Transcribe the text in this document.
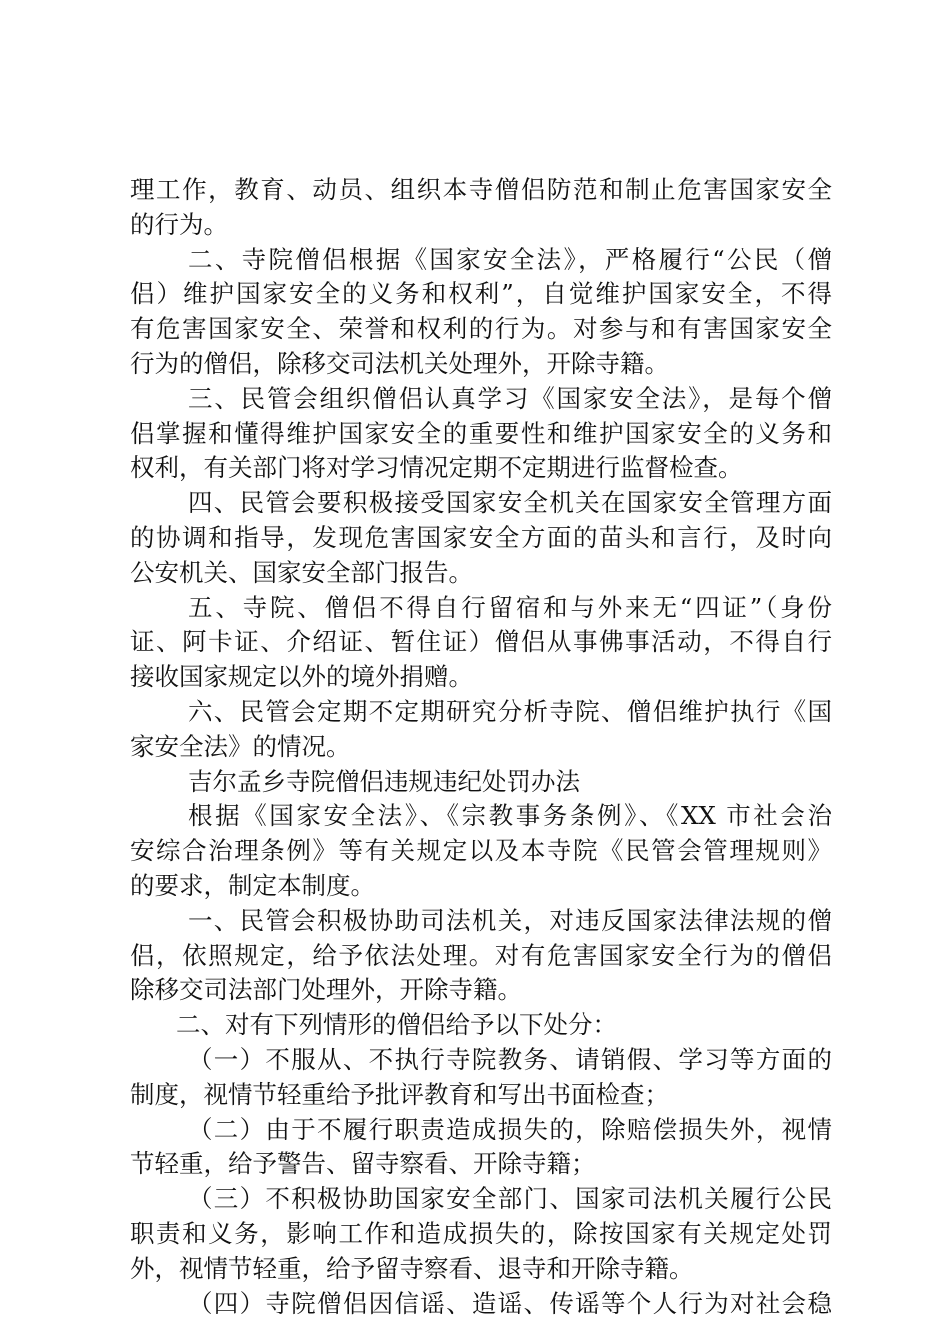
理工作，教育、动员、组织本寺僧侣防范和制止危害国家安全
的行为。
二、寺院僧侣根据《国家安全法》，严格履行“公民（僧
侣）维护国家安全的义务和权利”，自觉维护国家安全，不得
有危害国家安全、荣誉和权利的行为。对参与和有害国家安全
行为的僧侣，除移交司法机关处理外，开除寺籍。
三、民管会组织僧侣认真学习《国家安全法》，是每个僧
侣掌握和懂得维护国家安全的重要性和维护国家安全的义务和
权利，有关部门将对学习情况定期不定期进行监督检查。
四、民管会要积极接受国家安全机关在国家安全管理方面
的协调和指导，发现危害国家安全方面的苗头和言行，及时向
公安机关、国家安全部门报告。
五、寺院、僧侣不得自行留宿和与外来无“四证”（身份
证、阿卡证、介绍证、暂住证）僧侣从事佛事活动，不得自行
接收国家规定以外的境外捐赠。
六、民管会定期不定期研究分析寺院、僧侣维护执行《国
家安全法》的情况。
吉尔孟乡寺院僧侣违规违纪处罚办法
根据《国家安全法》、《宗教事务条例》、《XX 市社会治
安综合治理条例》等有关规定以及本寺院《民管会管理规则》
的要求，制定本制度。
一、民管会积极协助司法机关，对违反国家法律法规的僧
侣，依照规定，给予依法处理。对有危害国家安全行为的僧侣
除移交司法部门处理外，开除寺籍。
二、对有下列情形的僧侣给予以下处分：
（一）不服从、不执行寺院教务、请销假、学习等方面的
制度，视情节轻重给予批评教育和写出书面检查；
（二）由于不履行职责造成损失的，除赔偿损失外，视情
节轻重，给予警告、留寺察看、开除寺籍；
（三）不积极协助国家安全部门、国家司法机关履行公民
职责和义务，影响工作和造成损失的，除按国家有关规定处罚
外，视情节轻重，给予留寺察看、退寺和开除寺籍。
（四）寺院僧侣因信谣、造谣、传谣等个人行为对社会稳
